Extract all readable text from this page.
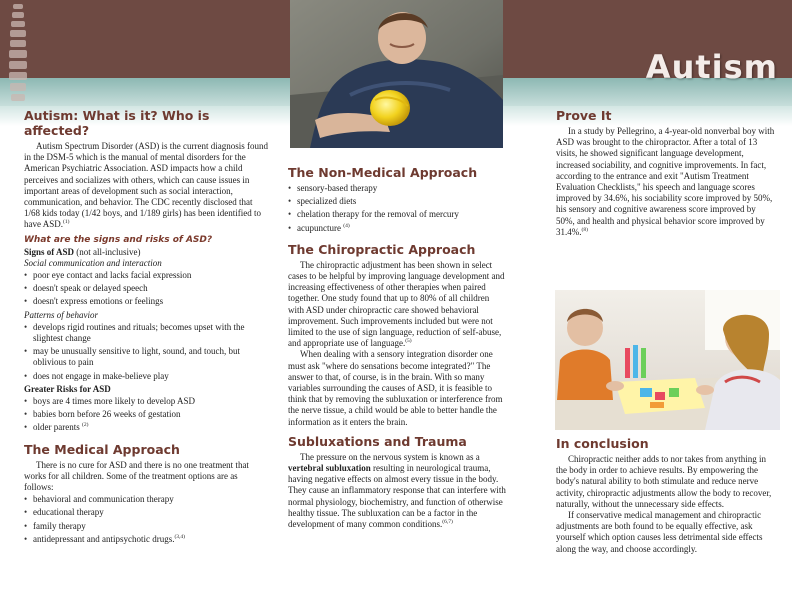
Autism
Autism: What is it? Who is affected?

Autism Spectrum Disorder (ASD) is the current diagnosis found in the DSM-5 which is the manual of mental disorders for the American Psychiatric Association. ASD impacts how a child perceives and socializes with others, which can cause issues in important areas of development such as social interaction, communication, and behavior. The CDC recently disclosed that 1/68 kids today (1/42 boys, and 1/189 girls) has been identified to have ASD.$^{(1)}$

What are the signs and risks of ASD?
Signs of ASD (not all-inclusive)
Social communication and interaction
• poor eye contact and lacks facial expression
• doesn't speak or delayed speech
• doesn't express emotions or feelings
Patterns of behavior
• develops rigid routines and rituals; becomes upset with the slightest change
• may be unusually sensitive to light, sound, and touch, but oblivious to pain
• does not engage in make-believe play
Greater Risks for ASD
• boys are 4 times more likely to develop ASD
• babies born before 26 weeks of gestation
• older parents $^{(2)}$
The Medical Approach

There is no cure for ASD and there is no one treatment that works for all children. Some of the treatment options are as follows:

• behavioral and communication therapy
• educational therapy
• family therapy
• antidepressant and antipsychotic drugs.$^{(3,4)}$
The Non-Medical Approach
• sensory-based therapy
• specialized diets
• chelation therapy for the removal of mercury
• acupuncture $^{(4)}$
The Chiropractic Approach

The chiropractic adjustment has been shown in select cases to be helpful by improving language development and increasing effectiveness of other therapies when paired together. One study found that up to 80% of all children with ASD under chiropractic care showed behavioral improvement. Such improvements included but were not limited to the use of sign language, reduction of self-abuse, and appropriate use of language.$^{(5)}$

When dealing with a sensory integration disorder one must ask "where do sensations become integrated?" The answer to that, of course, is in the brain. With so many variables surrounding the causes of ASD, it is feasible to think that by removing the subluxation or interference from the nerve tissue, a child would be able to better handle the information as it enters the brain.

Subluxations and Trauma

The pressure on the nervous system is known as a vertebral subluxation resulting in neurological trauma, having negative effects on almost every tissue in the body. They cause an inflammatory response that can interfere with normal physiology, biochemistry, and function of otherwise healthy tissue. The subluxation can be a factor in the development of many common conditions.$^{(6,7)}$

Prove It

In a study by Pellegrino, a 4-year-old nonverbal boy with ASD was brought to the chiropractor. After a total of 13 visits, he showed significant language development, increased sociability, and cognitive improvements. In fact, according to the entrance and exit "Autism Treatment Evaluation Checklists," his speech and language scores improved by 34.6%, his sociability score improved by 50%, his sensory and cognitive awareness score improved by 50%, and health and physical behavior score improved by 31.4%.$^{(8)}$

In conclusion

Chiropractic neither adds to nor takes from anything in the body in order to achieve results. By empowering the body's natural ability to both stimulate and reduce nerve activity, chiropractic adjustments allow the body to recover, naturally, without the unnecessary side effects.

If conservative medical management and chiropractic adjustments are both found to be equally effective, ask yourself which option causes less detrimental side effects along the way, and choose accordingly.
